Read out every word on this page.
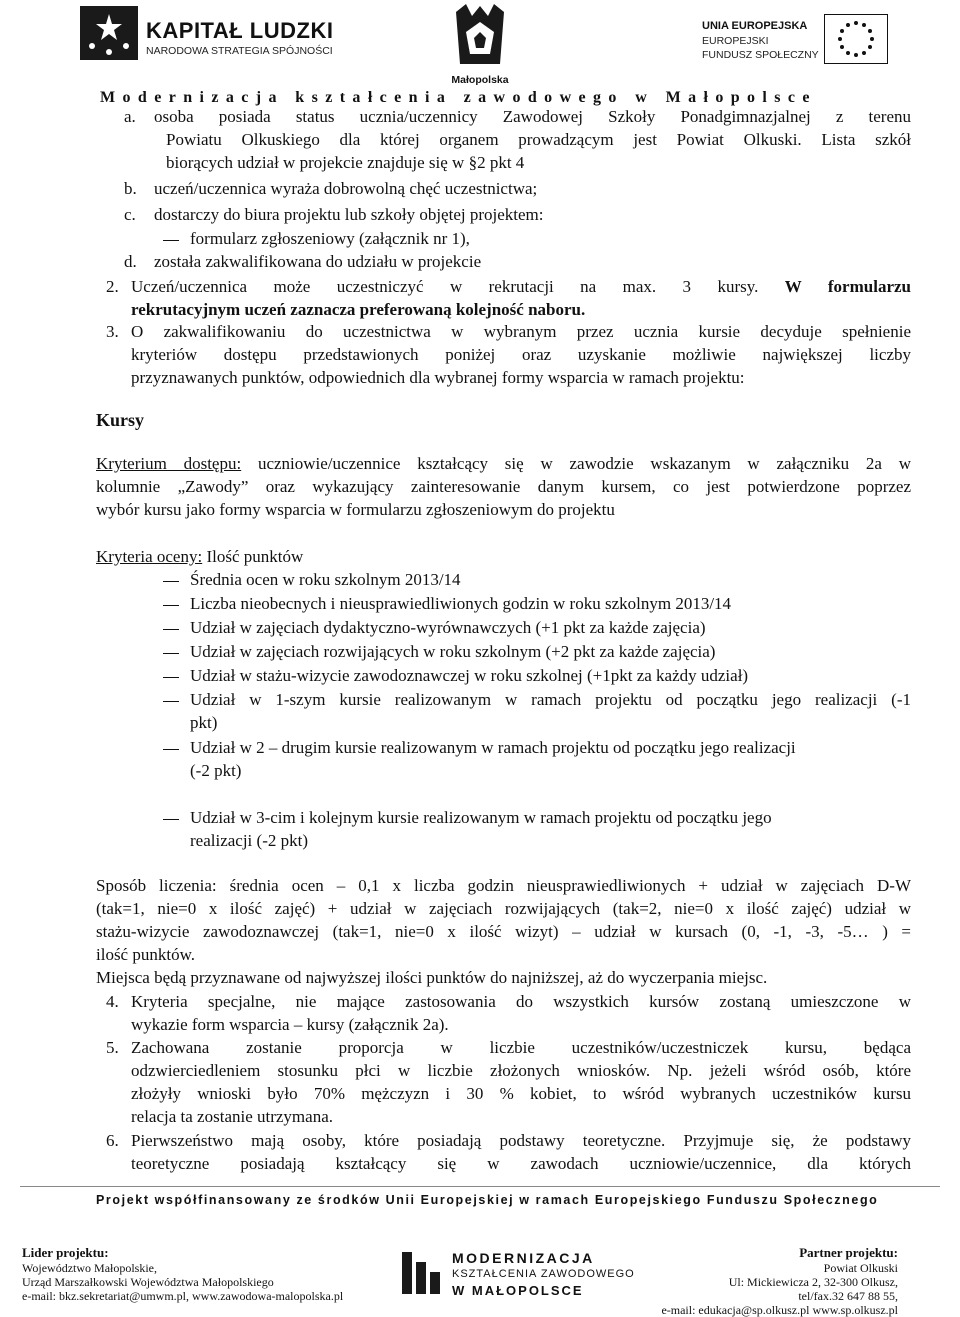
KAPITAŁ LUDZKI
NARODOWA STRATEGIA SPÓJNOŚCI
Małopolska
UNIA EUROPEJSKA
EUROPEJSKI
FUNDUSZ SPOŁECZNY
Modernizacja kształcenia zawodowego w Małopolsce
a. osoba posiada status ucznia/uczennicy Zawodowej Szkoły Ponadgimnazjalnej z terenu
Powiatu Olkuskiego dla której organem prowadzącym jest Powiat Olkuski. Lista szkół
biorących udział w projekcie znajduje się w §2 pkt 4
b. uczeń/uczennica wyraża dobrowolną chęć uczestnictwa;
c. dostarczy do biura projektu lub szkoły objętej projektem:
formularz zgłoszeniowy (załącznik nr 1),
d. została zakwalifikowana do udziału w projekcie
2. Uczeń/uczennica może uczestniczyć w rekrutacji na max. 3 kursy. W formularzu
rekrutacyjnym uczeń zaznacza preferowaną kolejność naboru.
3. O zakwalifikowaniu do uczestnictwa w wybranym przez ucznia kursie decyduje spełnienie
kryteriów dostępu przedstawionych poniżej oraz uzyskanie możliwie największej liczby
przyznawanych punktów, odpowiednich dla wybranej formy wsparcia w ramach projektu:
Kursy
Kryterium dostępu: uczniowie/uczennice kształcący się w zawodzie wskazanym w załączniku 2a w
kolumnie „Zawody” oraz wykazujący zainteresowanie danym kursem, co jest potwierdzone poprzez
wybór kursu jako formy wsparcia w formularzu zgłoszeniowym do projektu
Kryteria oceny: Ilość punktów
Średnia ocen w roku szkolnym 2013/14
Liczba nieobecnych i nieusprawiedliwionych godzin w roku szkolnym 2013/14
Udział w zajęciach dydaktyczno-wyrównawczych (+1 pkt za każde zajęcia)
Udział w zajęciach rozwijających w roku szkolnym (+2 pkt za każde zajęcia)
Udział w stażu-wizycie zawodoznawczej w roku szkolnej (+1pkt za każdy udział)
Udział w 1-szym kursie realizowanym w ramach projektu od początku jego realizacji (-1
pkt)
Udział w 2 – drugim kursie realizowanym w ramach projektu od początku jego realizacji
(-2 pkt)
Udział w 3-cim i kolejnym kursie realizowanym w ramach projektu od początku jego
realizacji (-2 pkt)
Sposób liczenia: średnia ocen – 0,1 x liczba godzin nieusprawiedliwionych + udział w zajęciach D-W
(tak=1, nie=0 x ilość zajęć) + udział w zajęciach rozwijających (tak=2, nie=0 x ilość zajęć) udział w
stażu-wizycie zawodoznawczej (tak=1, nie=0 x ilość wizyt) – udział w kursach (0, -1, -3, -5… ) =
ilość punktów.
Miejsca będą przyznawane od najwyższej ilości punktów do najniższej, aż do wyczerpania miejsc.
4. Kryteria specjalne, nie mające zastosowania do wszystkich kursów zostaną umieszczone w
wykazie form wsparcia – kursy (załącznik 2a).
5. Zachowana zostanie proporcja w liczbie uczestników/uczestniczek kursu, będąca
odzwierciedleniem stosunku płci w liczbie złożonych wniosków. Np. jeżeli wśród osób, które
złożyły wnioski było 70% mężczyzn i 30 % kobiet, to wśród wybranych uczestników kursu
relacja ta zostanie utrzymana.
6. Pierwszeństwo mają osoby, które posiadają podstawy teoretyczne. Przyjmuje się, że podstawy
teoretyczne posiadają kształcący się w zawodach uczniowie/uczennice, dla których
Projekt współfinansowany ze środków Unii Europejskiej w ramach Europejskiego Funduszu Społecznego
Lider projektu:
Województwo Małopolskie,
Urząd Marszałkowski Województwa Małopolskiego
e-mail: bkz.sekretariat@umwm.pl, www.zawodowa-malopolska.pl
MODERNIZACJA
KSZTAŁCENIA ZAWODOWEGO
W MAŁOPOLSCE
Partner projektu:
Powiat Olkuski
Ul: Mickiewicza 2, 32-300 Olkusz,
tel/fax.32 647 88 55,
e-mail: edukacja@sp.olkusz.pl www.sp.olkusz.pl
